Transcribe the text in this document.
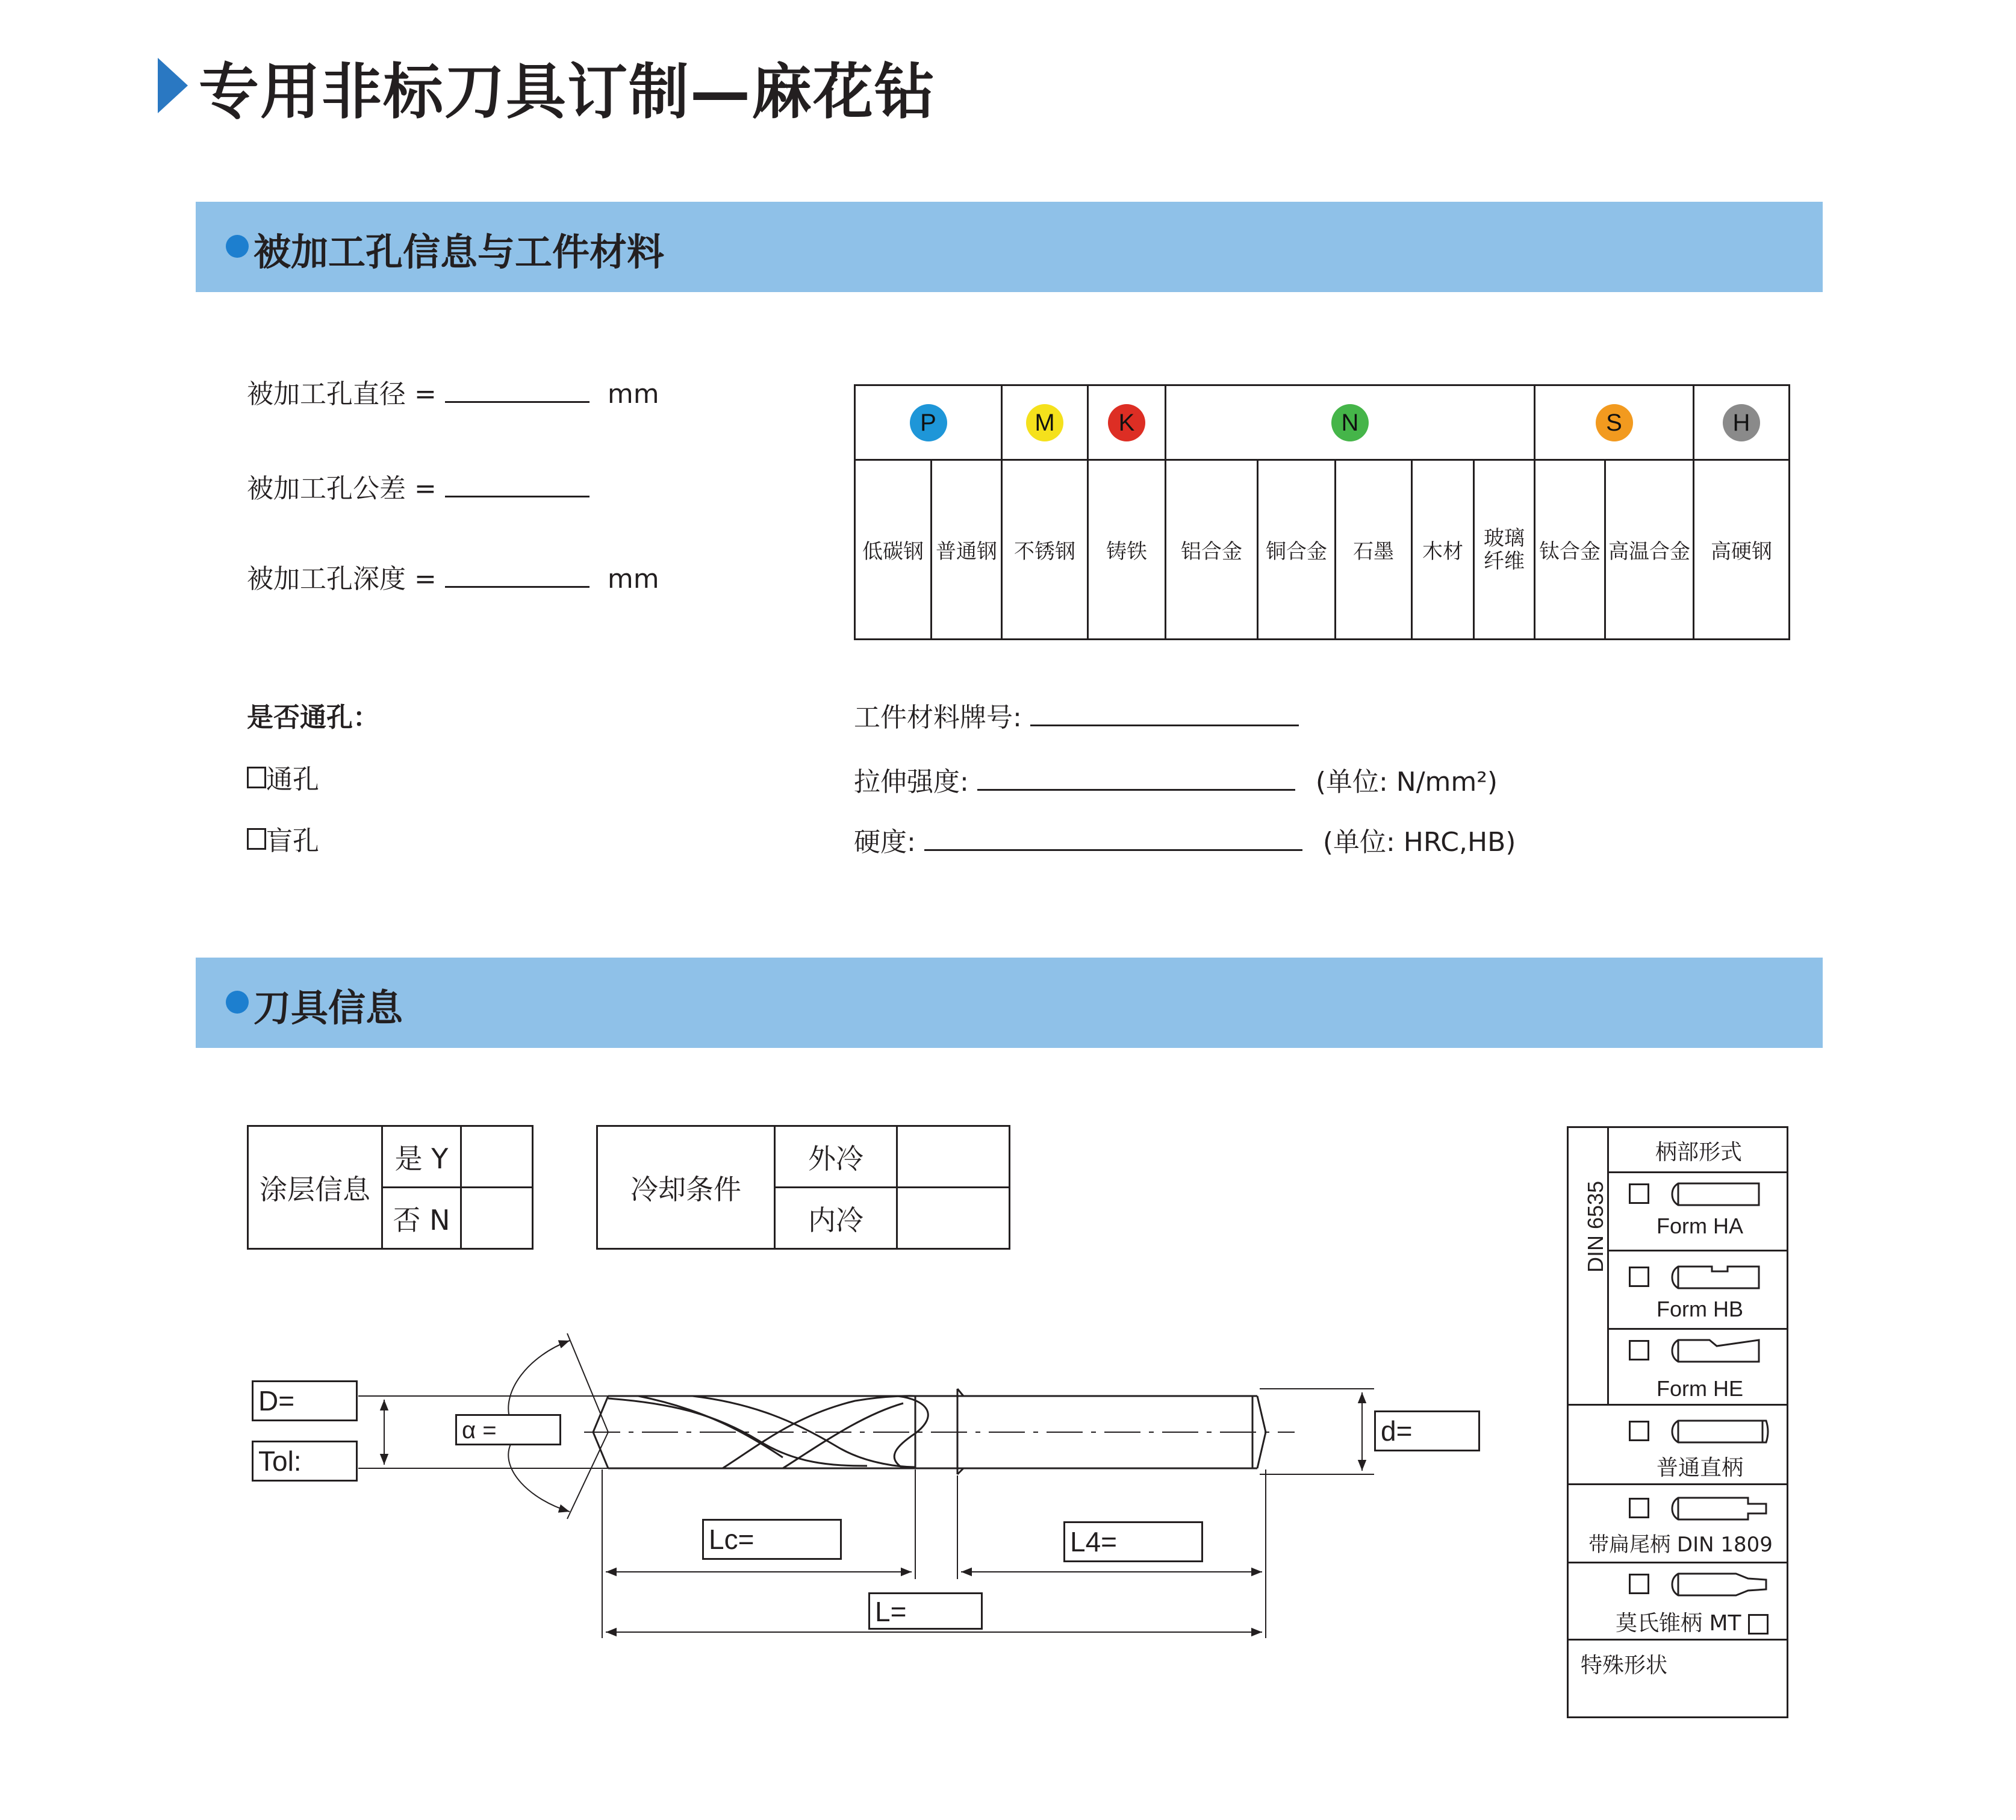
专用非标刀具订制—麻花钻
被加工孔信息与工件材料
被加工孔直径 =	mm
被加工孔公差 =
被加工孔深度 =	mm
是否通孔：
通孔
盲孔
工件材料牌号:
拉伸强度:	(单位: N/mm²)
硬度:	(单位: HRC,HB)
P		M	K	N					S		H
低碳钢	普通钢	不锈钢	铸铁	铝合金	铜合金	石墨	木材	玻璃纤维	钛合金	高温合金	高硬钢
刀具信息
涂层信息	是 Y	
	否 N	
冷却条件	外冷	
	内冷	
D=
Tol:
α =	d=
Lc=	L4=
L=
DIN 6535
柄部形式
Form HA
Form HB
Form HE
普通直柄
带扁尾柄 DIN 1809
莫氏锥柄 MT
特殊形状
